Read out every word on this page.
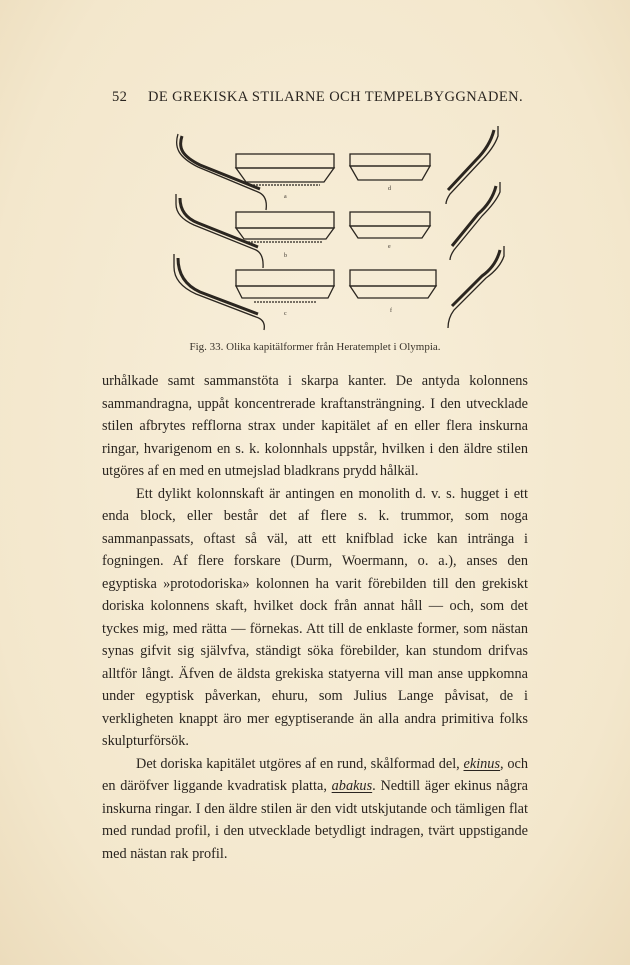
52 DE GREKISKA STILARNE OCH TEMPELBYGGNADEN.
a
b
c
d
e
f
Fig. 33. Olika kapitälformer från Heratemplet i Olympia.

urhålkade samt sammanstöta i skarpa kanter. De antyda kolonnens sammandragna, uppåt koncentrerade kraftansträngning. I den utvecklade stilen afbrytes refflorna strax under kapitälet af en eller flera inskurna ringar, hvarigenom en s. k. kolonnhals uppstår, hvilken i den äldre stilen utgöres af en med en utmejslad bladkrans prydd hålkäl.

Ett dylikt kolonnskaft är antingen en monolith d. v. s. hugget i ett enda block, eller består det af flere s. k. trummor, som noga sammanpassats, oftast så väl, att ett knifblad icke kan intränga i fogningen. Af flere forskare (Durm, Woermann, o. a.), anses den egyptiska »protodoriska» kolonnen ha varit förebilden till den grekiskt doriska kolonnens skaft, hvilket dock från annat håll — och, som det tyckes mig, med rätta — förnekas. Att till de enklaste former, som nästan synas gifvit sig självfva, ständigt söka förebilder, kan stundom drifvas alltför långt. Äfven de äldsta grekiska statyerna vill man anse uppkomna under egyptisk påverkan, ehuru, som Julius Lange påvisat, de i verkligheten knappt äro mer egyptiserande än alla andra primitiva folks skulpturförsök.

Det doriska kapitälet utgöres af en rund, skålformad del, ekinus, och en däröfver liggande kvadratisk platta, abakus. Nedtill äger ekinus några inskurna ringar. I den äldre stilen är den vidt utskjutande och tämligen flat med rundad profil, i den utvecklade betydligt indragen, tvärt uppstigande med nästan rak profil.
